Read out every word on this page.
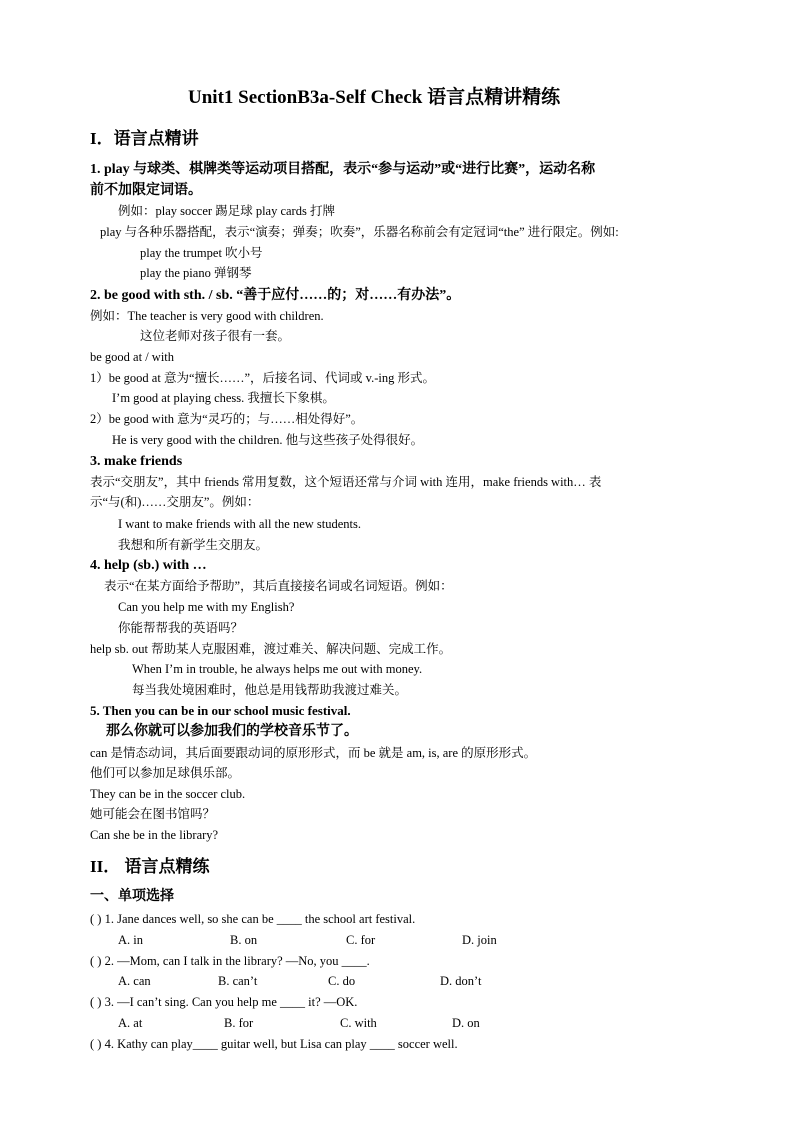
Unit1 SectionB3a-Self Check 语言点精讲精练
I．语言点精讲
1. play 与球类、棋牌类等运动项目搭配，表示“参与运动”或“进行比赛”，运动名称
前不加限定词语。
例如：play soccer 踢足球 play cards 打牌
play 与各种乐器搭配，表示“演奏；弹奏；吹奏”，乐器名称前会有定冠词“the” 进行限定。例如:
play the trumpet 吹小号
play the piano 弹钢琴
2. be good with sth. / sb. “善于应付……的；对……有办法”。
例如：The teacher is very good with children.
这位老师对孩子很有一套。
be good at / with
1）be good at 意为“擅长……”，后接名词、代词或 v.-ing 形式。
I’m good at playing chess. 我擅长下象棋。
2）be good with 意为“灵巧的；与……相处得好”。
He is very good with the children. 他与这些孩子处得很好。
3. make friends
表示“交朋友”，其中 friends 常用复数，这个短语还常与介词 with 连用，make friends with… 表
示“与(和)……交朋友”。例如：
I want to make friends with all the new students.
我想和所有新学生交朋友。
4. help (sb.) with …
表示“在某方面给予帮助”，其后直接接名词或名词短语。例如：
Can you help me with my English?
你能帮帮我的英语吗？
help sb. out 帮助某人克服困难，渡过难关、解决问题、完成工作。
When I’m in trouble, he always helps me out with money.
每当我处境困难时，他总是用钱帮助我渡过难关。
5. Then you can be in our school music festival.
那么你就可以参加我们的学校音乐节了。
can 是情态动词，其后面要跟动词的原形形式，而 be 就是 am, is, are 的原形形式。
他们可以参加足球俱乐部。
They can be in the soccer club.
她可能会在图书馆吗？
Can she be in the library?
II． 语言点精练
一、单项选择
( ) 1. Jane dances well, so she can be ____ the school art festival.
A. in	B. on	C. for	D. join
( ) 2. —Mom, can I talk in the library? —No, you ____.
A. can	B. can’t	C. do	D. don’t
( ) 3. —I can’t sing. Can you help me ____ it? —OK.
A. at	B. for	C. with	D. on
( ) 4. Kathy can play____ guitar well, but Lisa can play ____ soccer well.
